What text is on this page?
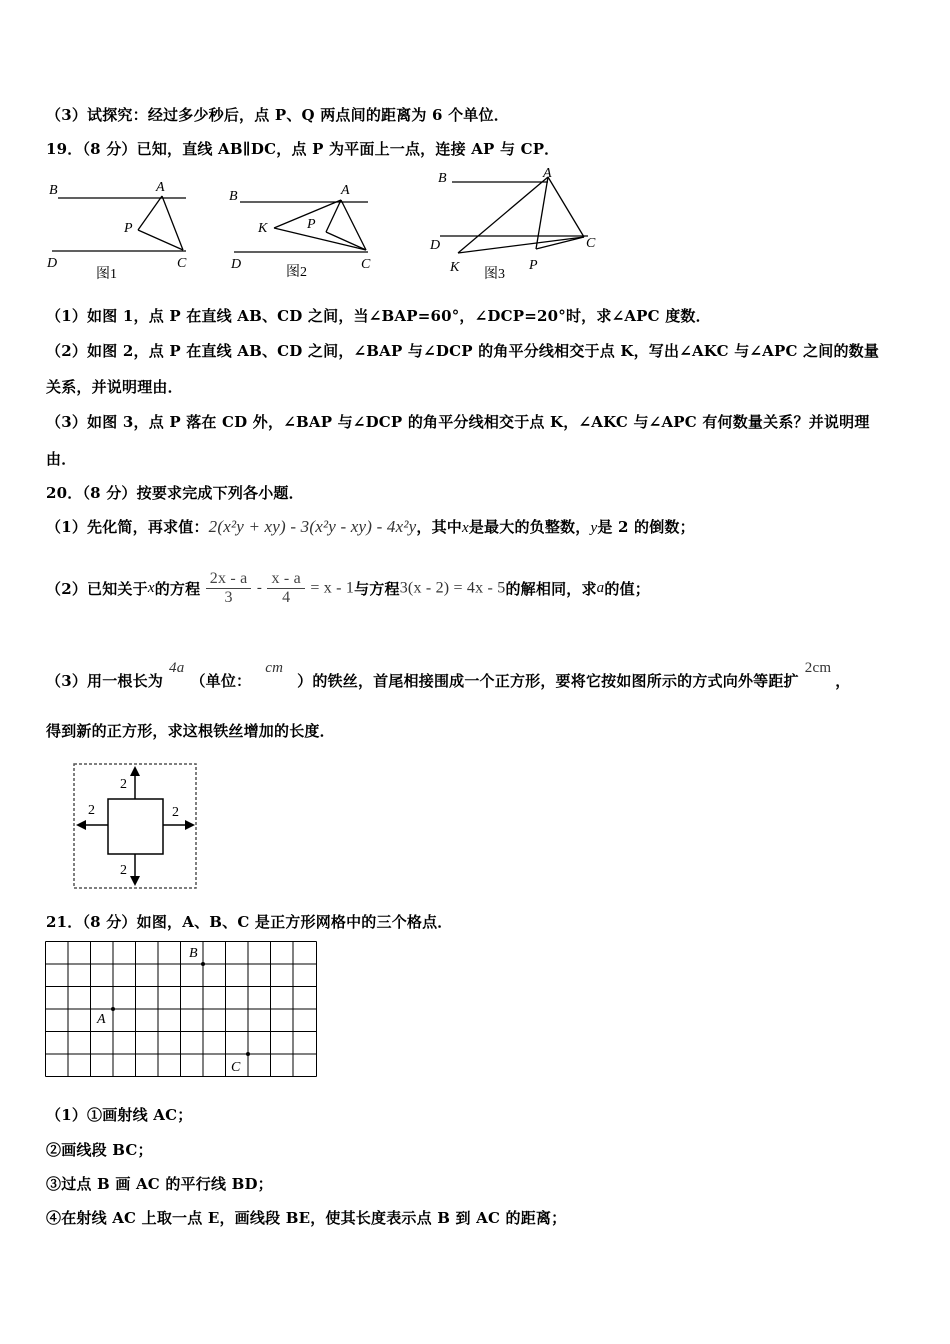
（3）试探究：经过多少秒后，点 P、Q 两点间的距离为 6 个单位．
19．（8 分）已知，直线 AB∥DC，点 P 为平面上一点，连接 AP 与 CP．
B	A
P
D	C
图1
B	A
K	P
D	C
图2
B	A
D	C
K	P
图3
（1）如图 1，点 P 在直线 AB、CD 之间，当∠BAP=60°，∠DCP=20°时，求∠APC 度数．
（2）如图 2，点 P 在直线 AB、CD 之间，∠BAP 与∠DCP 的角平分线相交于点 K，写出∠AKC 与∠APC 之间的数量
关系，并说明理由．
（3）如图 3，点 P 落在 CD 外，∠BAP 与∠DCP 的角平分线相交于点 K，∠AKC 与∠APC 有何数量关系？并说明理
由．
20．（8 分）按要求完成下列各小题．
（1）先化简，再求值：2(x²y + xy) - 3(x²y - xy) - 4x²y，其中x是最大的负整数，y是 2 的倒数；
（2）已知关于x的方程 $\frac{2x - a}{3} - \frac{x - a}{4} = x - 1$与方程3(x - 2) = 4x - 5的解相同，求a的值；
（3）用一根长为4a（单位：cm）的铁丝，首尾相接围成一个正方形，要将它按如图所示的方式向外等距扩2cm，
得到新的正方形，求这根铁丝增加的长度．
2
2	2
2
21．（8 分）如图，A、B、C 是正方形网格中的三个格点．
A
B
C
（1）①画射线 AC；
②画线段 BC；
③过点 B 画 AC 的平行线 BD；
④在射线 AC 上取一点 E，画线段 BE，使其长度表示点 B 到 AC 的距离；
